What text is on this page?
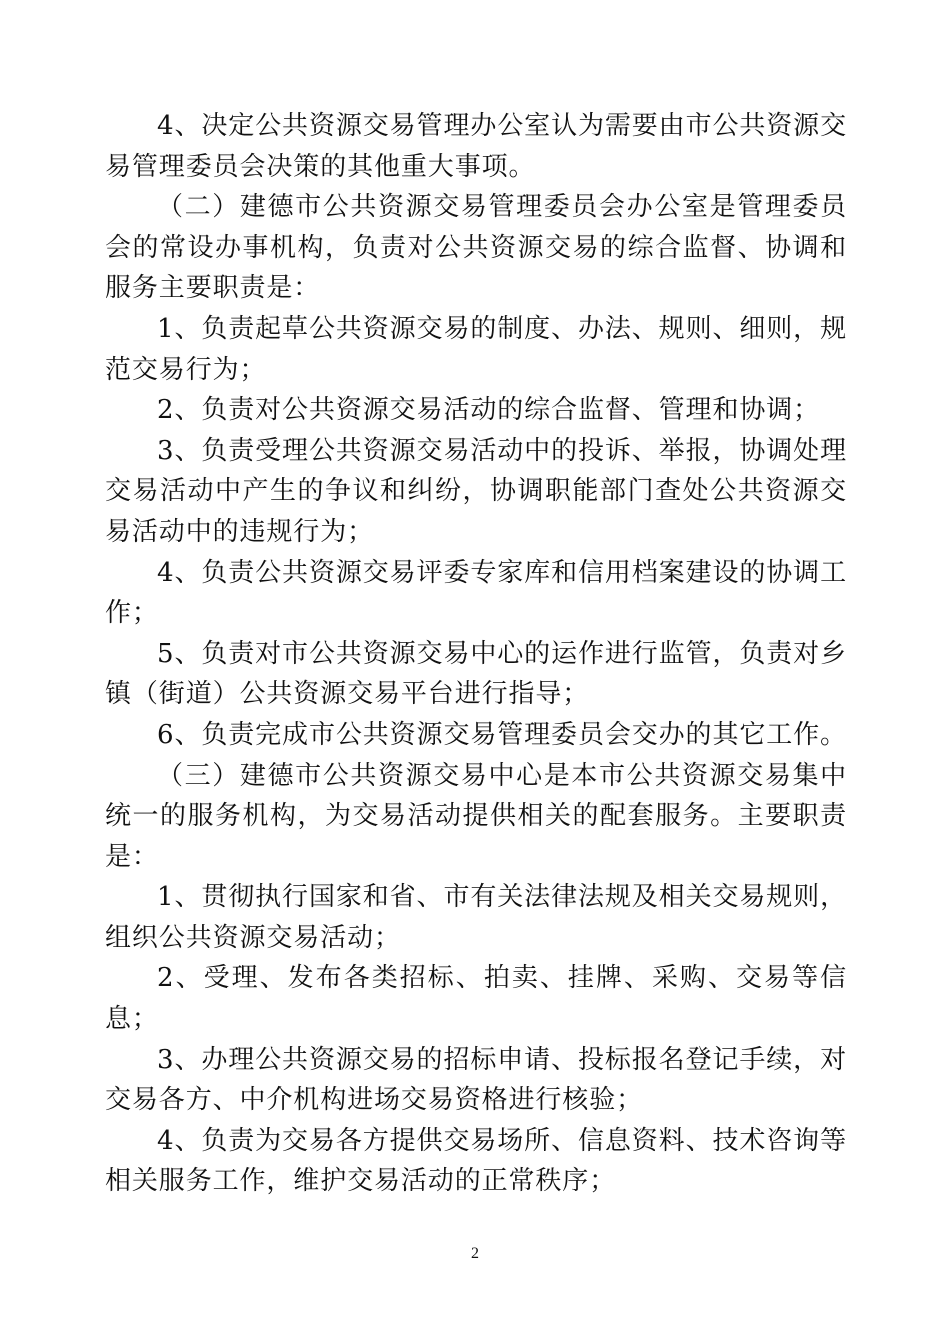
4、决定公共资源交易管理办公室认为需要由市公共资源交易管理委员会决策的其他重大事项。

（二）建德市公共资源交易管理委员会办公室是管理委员会的常设办事机构，负责对公共资源交易的综合监督、协调和服务主要职责是：

1、负责起草公共资源交易的制度、办法、规则、细则，规范交易行为；

2、负责对公共资源交易活动的综合监督、管理和协调；

3、负责受理公共资源交易活动中的投诉、举报，协调处理交易活动中产生的争议和纠纷，协调职能部门查处公共资源交易活动中的违规行为；

4、负责公共资源交易评委专家库和信用档案建设的协调工作；

5、负责对市公共资源交易中心的运作进行监管，负责对乡镇（街道）公共资源交易平台进行指导；

6、负责完成市公共资源交易管理委员会交办的其它工作。

（三）建德市公共资源交易中心是本市公共资源交易集中统一的服务机构，为交易活动提供相关的配套服务。主要职责是：

1、贯彻执行国家和省、市有关法律法规及相关交易规则，组织公共资源交易活动；

2、受理、发布各类招标、拍卖、挂牌、采购、交易等信息；

3、办理公共资源交易的招标申请、投标报名登记手续，对交易各方、中介机构进场交易资格进行核验；

4、负责为交易各方提供交易场所、信息资料、技术咨询等相关服务工作，维护交易活动的正常秩序；

2
